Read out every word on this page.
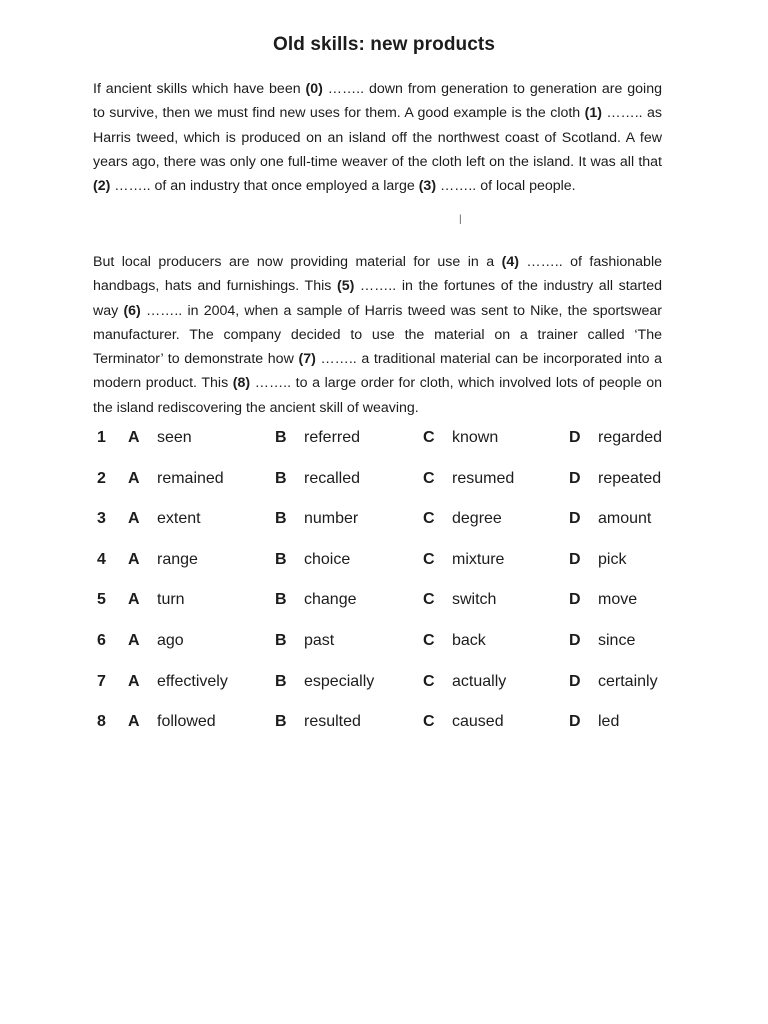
Old skills: new products

If ancient skills which have been (0) …….. down from generation to generation are going to survive, then we must find new uses for them. A good example is the cloth (1) …….. as Harris tweed, which is produced on an island off the northwest coast of Scotland. A few years ago, there was only one full-time weaver of the cloth left on the island. It was all that (2) …….. of an industry that once employed a large (3) …….. of local people.

|

But local producers are now providing material for use in a (4) …….. of fashionable handbags, hats and furnishings. This (5) …….. in the fortunes of the industry all started way (6) …….. in 2004, when a sample of Harris tweed was sent to Nike, the sportswear manufacturer. The company decided to use the material on a trainer called ‘The Terminator’ to demonstrate how (7) …….. a traditional material can be incorporated into a modern product. This (8) …….. to a large order for cloth, which involved lots of people on the island rediscovering the ancient skill of weaving.

1 A seen	B referred	C known	D regarded
2 A remained	B recalled	C resumed	D repeated
3 A extent	B number	C degree	D amount
4 A range	B choice	C mixture	D pick
5 A turn	B change	C switch	D move
6 A ago	B past	C back	D since
7 A effectively	B especially	C actually	D certainly
8 A followed	B resulted	C caused	D led
